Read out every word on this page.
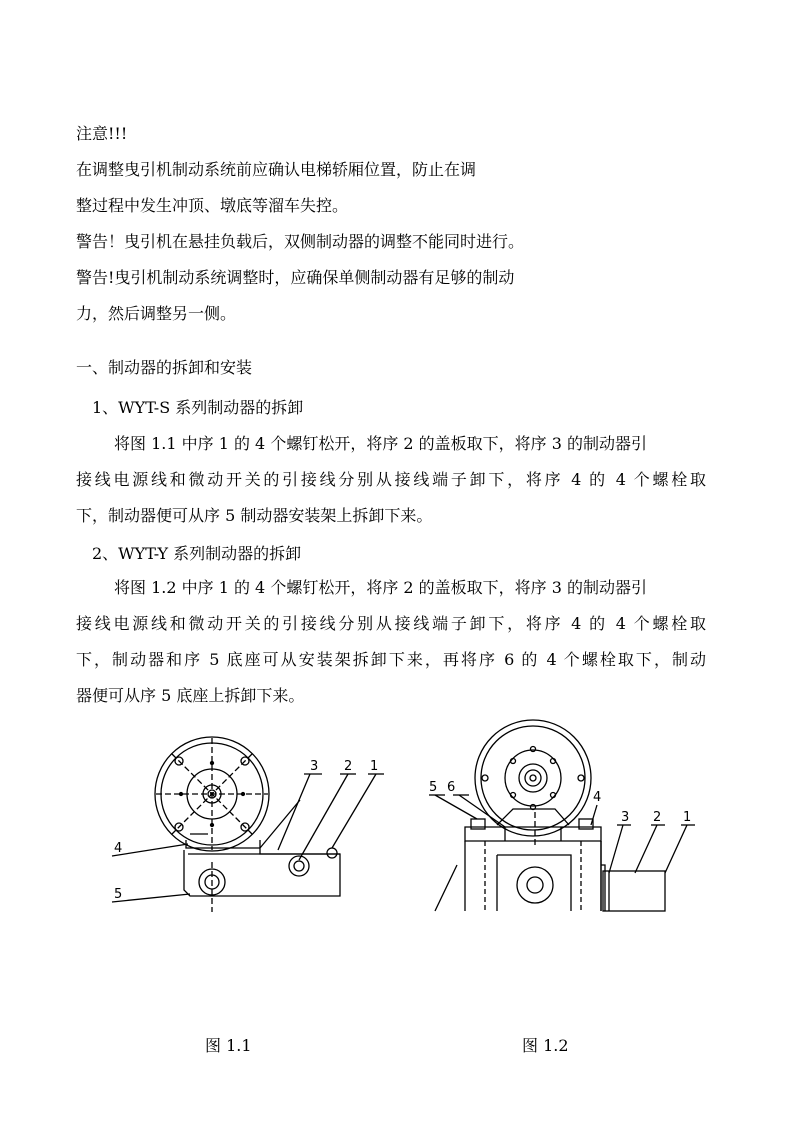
注意!!!
在调整曳引机制动系统前应确认电梯轿厢位置，防止在调
整过程中发生冲顶、墩底等溜车失控。
警告！曳引机在悬挂负载后，双侧制动器的调整不能同时进行。
警告!曳引机制动系统调整时，应确保单侧制动器有足够的制动
力，然后调整另一侧。
一、制动器的拆卸和安装
1、WYT-S 系列制动器的拆卸
将图 1.1 中序 1 的 4 个螺钉松开，将序 2 的盖板取下，将序 3 的制动器引
接线电源线和微动开关的引接线分别从接线端子卸下，将序 4 的 4 个螺栓取
下，制动器便可从序 5 制动器安装架上拆卸下来。
2、WYT-Y 系列制动器的拆卸
将图 1.2 中序 1 的 4 个螺钉松开，将序 2 的盖板取下，将序 3 的制动器引
接线电源线和微动开关的引接线分别从接线端子卸下，将序 4 的 4 个螺栓取
下，制动器和序 5 底座可从安装架拆卸下来，再将序 6 的 4 个螺栓取下，制动
器便可从序 5 底座上拆卸下来。
3 2 1
4
5
5 6
4
3 2 1
图 1.1	图 1.2
